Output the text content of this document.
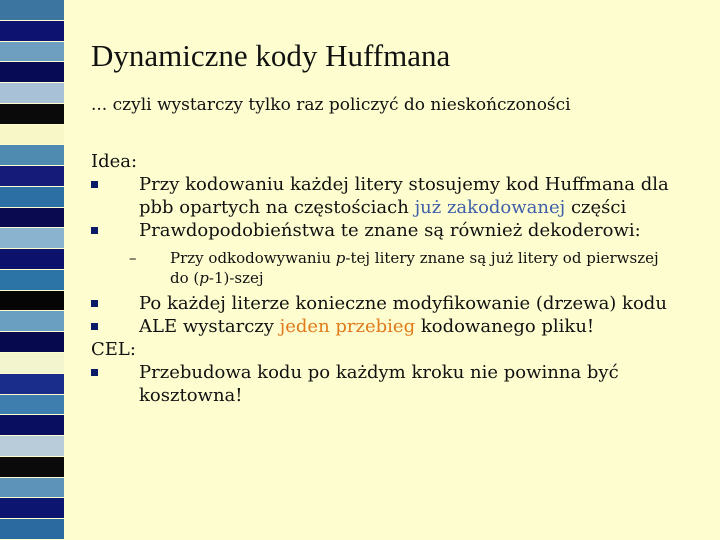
Dynamiczne kody Huffmana
... czyli wystarczy tylko raz policzyć do nieskończoności
Idea:
Przy kodowaniu każdej litery stosujemy kod Huffmana dla
pbb opartych na częstościach już zakodowanej części
Prawdopodobieństwa te znane są również dekoderowi:
– Przy odkodowywaniu p-tej litery znane są już litery od pierwszej
do (p-1)-szej
Po każdej literze konieczne modyfikowanie (drzewa) kodu
ALE wystarczy jeden przebieg kodowanego pliku!
CEL:
Przebudowa kodu po każdym kroku nie powinna być
kosztowna!
